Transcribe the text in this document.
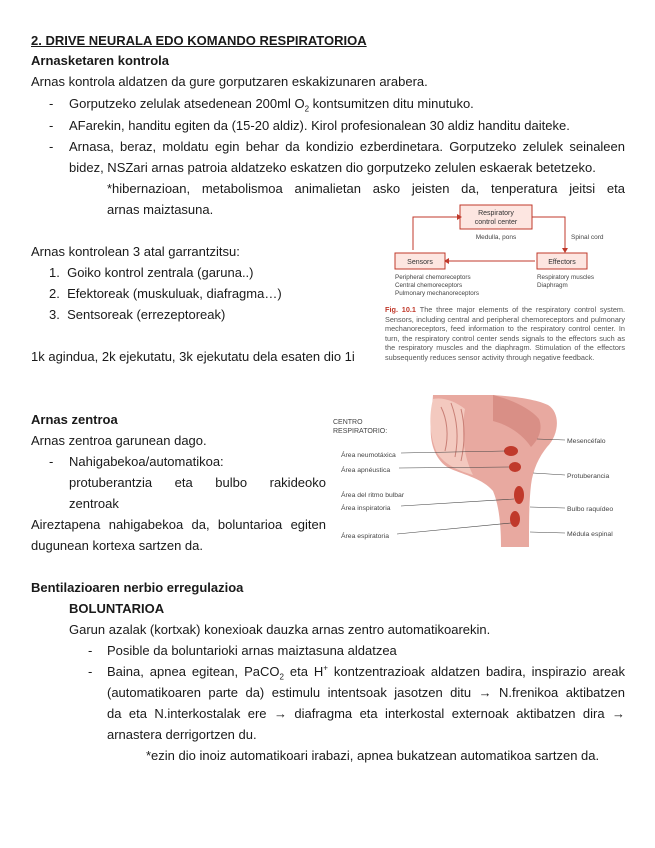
2. DRIVE NEURALA EDO KOMANDO RESPIRATORIOA
Arnasketaren kontrola
Arnas kontrola aldatzen da gure gorputzaren eskakizunaren arabera.
- Gorputzeko zelulak atsedenean 200ml $O_2$ kontsumitzen ditu minutuko.
- AFarekin, handitu egiten da (15-20 aldiz). Kirol profesionalean 30 aldiz handitu daiteke.
- Arnasa, beraz, moldatu egin behar da kondizio ezberdinetara. Gorputzeko zelulek seinaleen
bidez, NSZari arnas patroia aldatzeko eskatzen dio gorputzeko zelulen eskaerak betetzeko.
*hibernazioan, metabolismoa animalietan asko jeisten da, tenperatura jeitsi eta
arnas maiztasuna.
Arnas kontrolean 3 atal garrantzitsu:
1. Goiko kontrol zentrala (garuna..)
2. Efektoreak (muskuluak, diafragma…)
3. Sentsoreak (errezeptoreak)
1k agindua, 2k ejekutatu, 3k ejekutatu dela esaten dio 1i
Respiratory
control center
Medulla, pons	Spinal cord
Sensors	Effectors
Peripheral chemoreceptors
Central chemoreceptors
Pulmonary mechanoreceptors
Respiratory muscles
Diaphragm
Fig. 10.1 The three major elements of the respiratory control system. Sensors, including central and peripheral chemoreceptors and pulmonary mechanoreceptors, feed information to the respiratory control center. In turn, the respiratory control center sends signals to the effectors such as the respiratory muscles and the diaphragm. Stimulation of the effectors subsequently reduces sensor activity through negative feedback.
Arnas zentroa
Arnas zentroa garunean dago.
- Nahigabekoa/automatikoa:
protuberantzia eta bulbo rakideoko
zentroak
Aireztapena nahigabekoa da, boluntarioa egiten
dugunean kortexa sartzen da.
CENTRO
RESPIRATORIO:
Área neumotáxica
Área apnéustica
Área del ritmo bulbar
Área inspiratoria
Área espiratoria
Mesencéfalo
Protuberancia
Bulbo raquídeo
Médula espinal
Bentilazioaren nerbio erregulazioa
BOLUNTARIOA
Garun azalak (kortxak) konexioak dauzka arnas zentro automatikoarekin.
- Posible da boluntarioki arnas maiztasuna aldatzea
- Baina, apnea egitean, PaCO$_2$ eta H+ kontzentrazioak aldatzen badira, inspirazio areak
(automatikoaren parte da) estimulu intentsoak jasotzen ditu → N.frenikoa aktibatzen
da eta N.interkostalak ere → diafragma eta interkostal externoak aktibatzen dira →
arnastera derrigortzen du.
*ezin dio inoiz automatikoari irabazi, apnea bukatzean automatikoa sartzen da.
